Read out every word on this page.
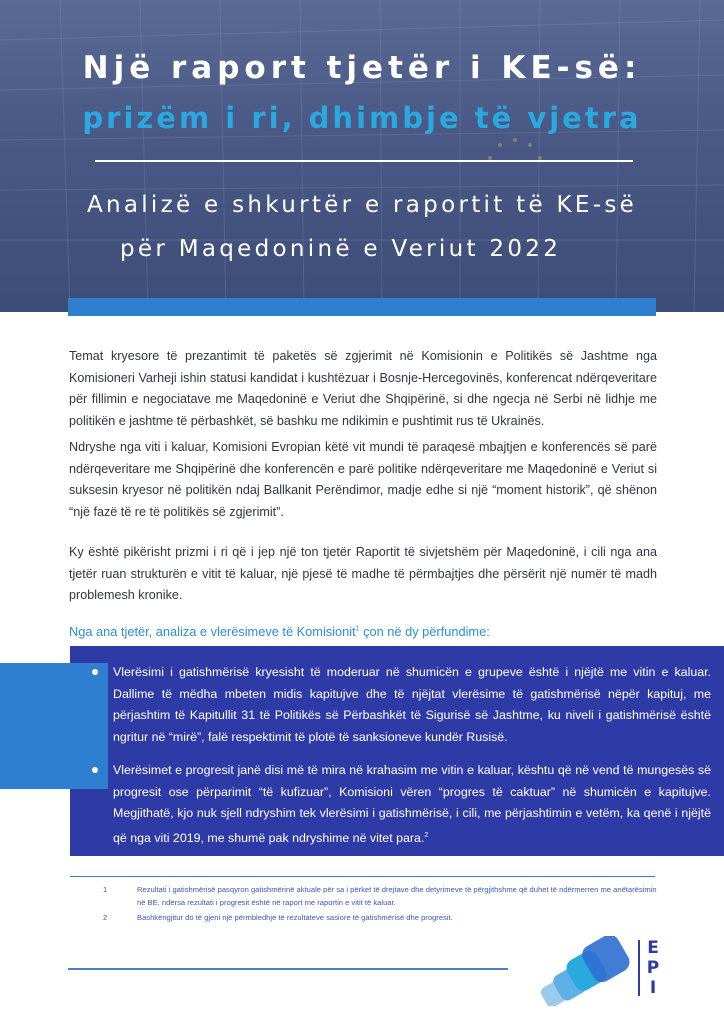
Një raport tjetër i KE-së:
prizëm i ri, dhimbje të vjetra
Analizë e shkurtër e raportit të KE-së
për Maqedoninë e Veriut 2022

Temat kryesore të prezantimit të paketës së zgjerimit në Komisionin e Politikës së Jashtme nga Komisioneri Varheji ishin statusi kandidat i kushtëzuar i Bosnje-Hercegovinës, konferencat ndërqeveritare për fillimin e negociatave me Maqedoninë e Veriut dhe Shqipërinë, si dhe ngecja në Serbi në lidhje me politikën e jashtme të përbashkët, së bashku me ndikimin e pushtimit rus të Ukrainës.

Ndryshe nga viti i kaluar, Komisioni Evropian këtë vit mundi të paraqesë mbajtjen e konferencës së parë ndërqeveritare me Shqipërinë dhe konferencën e parë politike ndërqeveritare me Maqedoninë e Veriut si suksesin kryesor në politikën ndaj Ballkanit Perëndimor, madje edhe si një “moment historik”, që shënon “një fazë të re të politikës së zgjerimit”.

Ky është pikërisht prizmi i ri që i jep një ton tjetër Raportit të sivjetshëm për Maqedoninë, i cili nga ana tjetër ruan strukturën e vitit të kaluar, një pjesë të madhe të përmbajtjes dhe përsërit një numër të madh problemesh kronike.

Nga ana tjetër, analiza e vlerësimeve të Komisionit$^1$ çon në dy përfundime:

Vlerësimi i gatishmërisë kryesisht të moderuar në shumicën e grupeve është i njëjtë me vitin e kaluar. Dallime të mëdha mbeten midis kapitujve dhe të njëjtat vlerësime të gatishmërisë nëpër kapituj, me përjashtim të Kapitullit 31 të Politikës së Përbashkët të Sigurisë së Jashtme, ku niveli i gatishmërisë është ngritur në “mirë”, falë respektimit të plotë të sanksioneve kundër Rusisë.

Vlerësimet e progresit janë disi më të mira në krahasim me vitin e kaluar, kështu që në vend të mungesës së progresit ose përparimit “të kufizuar”, Komisioni vëren “progres të caktuar” në shumicën e kapitujve. Megjithatë, kjo nuk sjell ndryshim tek vlerësimi i gatishmërisë, i cili, me përjashtimin e vetëm, ka qenë i njëjtë që nga viti 2019, me shumë pak ndryshime në vitet para.$^2$

1	Rezultati i gatishmërisë pasqyron gatishmërinë aktuale për sa i përket të drejtave dhe detyrimeve të përgjithshme që duhet të ndërmerren me anëtarësimin në BE, ndërsa rezultati i progresit është në raport me raportin e vitit të kaluar.
2	Bashkëngjitur do të gjeni një përmbledhje të rezultateve sasiore të gatishmërisë dhe progresit.
E
P
I
